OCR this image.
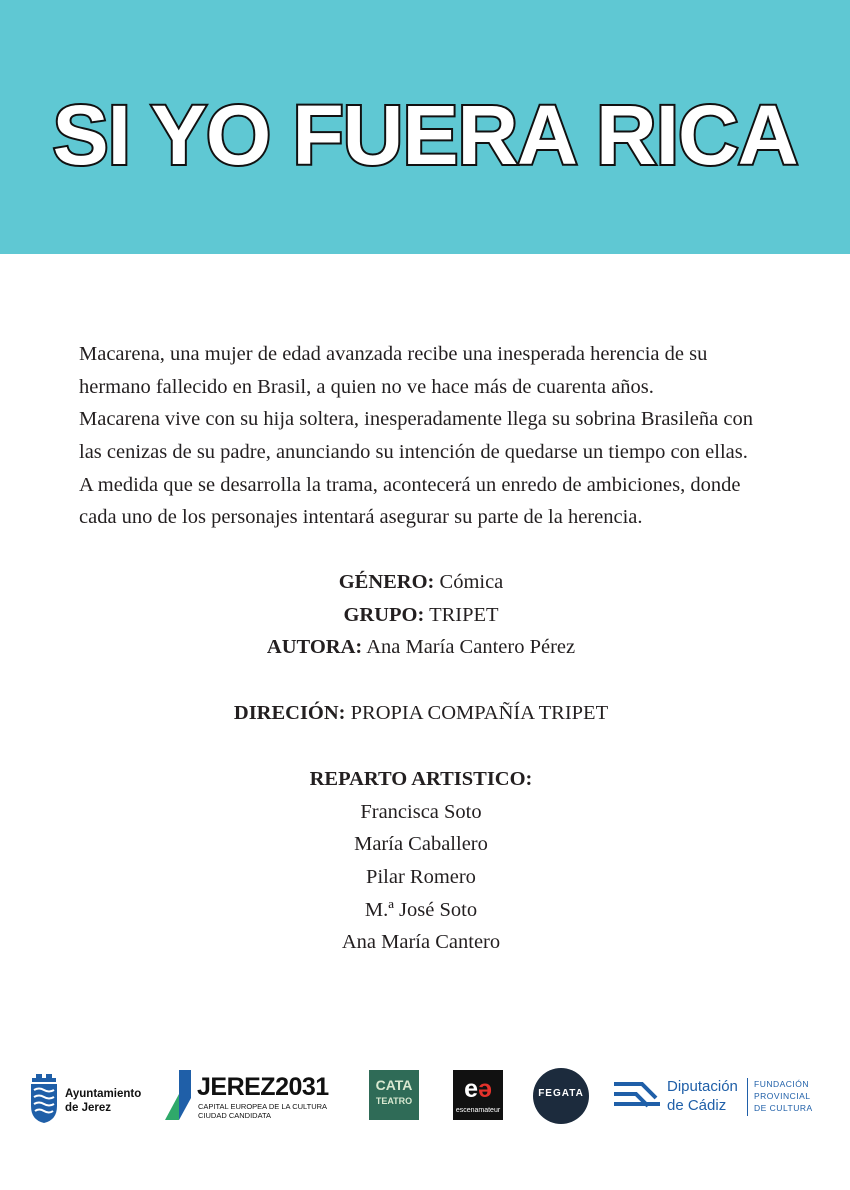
SI YO FUERA RICA
Macarena, una mujer de edad avanzada recibe una inesperada herencia de su
hermano fallecido en Brasil, a quien no ve hace más de cuarenta años.
Macarena vive con su hija soltera, inesperadamente llega su sobrina Brasileña con
las cenizas de su padre, anunciando su intención de quedarse un tiempo con ellas.
A medida que se desarrolla la trama, acontecerá un enredo de ambiciones, donde
cada uno de los personajes intentará asegurar su parte de la herencia.
GÉNERO: Cómica
GRUPO: TRIPET
AUTORA: Ana María Cantero Pérez
DIRECIÓN: PROPIA COMPAÑÍA TRIPET
REPARTO ARTISTICO:
Francisca Soto
María Caballero
Pilar Romero
M.ª José Soto
Ana María Cantero
Ayuntamiento
de Jerez
JEREZ2031
CAPITAL EUROPEA DE LA CULTURA
CIUDAD CANDIDATA
CATA
TEATRO	eə
escenamateur
FEGATA	Diputación
de Cádiz
FUNDACIÓN
PROVINCIAL
DE CULTURA
